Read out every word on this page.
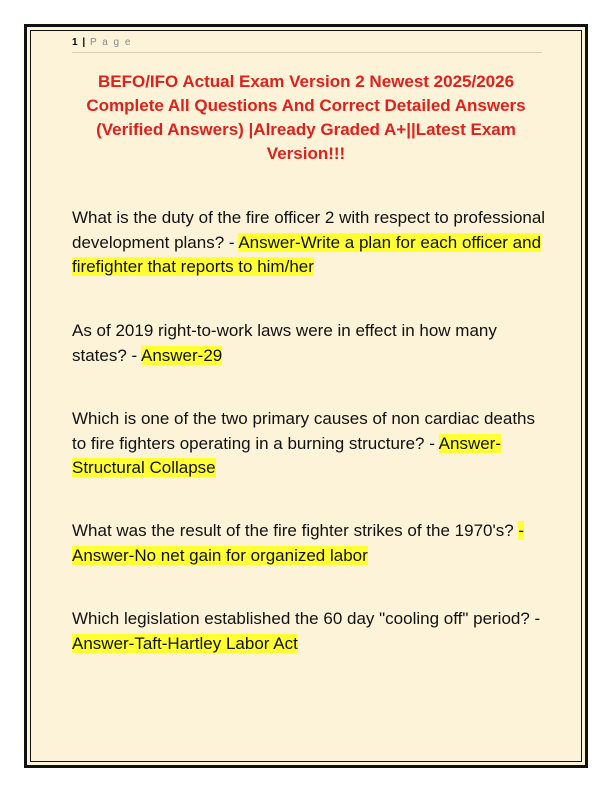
1 | P a g e
BEFO/IFO Actual Exam Version 2 Newest 2025/2026 Complete All Questions And Correct Detailed Answers (Verified Answers) |Already Graded A+||Latest Exam Version!!!

What is the duty of the fire officer 2 with respect to professional development plans? - Answer-Write a plan for each officer and firefighter that reports to him/her

As of 2019 right-to-work laws were in effect in how many states? - Answer-29

Which is one of the two primary causes of non cardiac deaths to fire fighters operating in a burning structure? - Answer-Structural Collapse

What was the result of the fire fighter strikes of the 1970's? - Answer-No net gain for organized labor

Which legislation established the 60 day "cooling off" period? - Answer-Taft-Hartley Labor Act
